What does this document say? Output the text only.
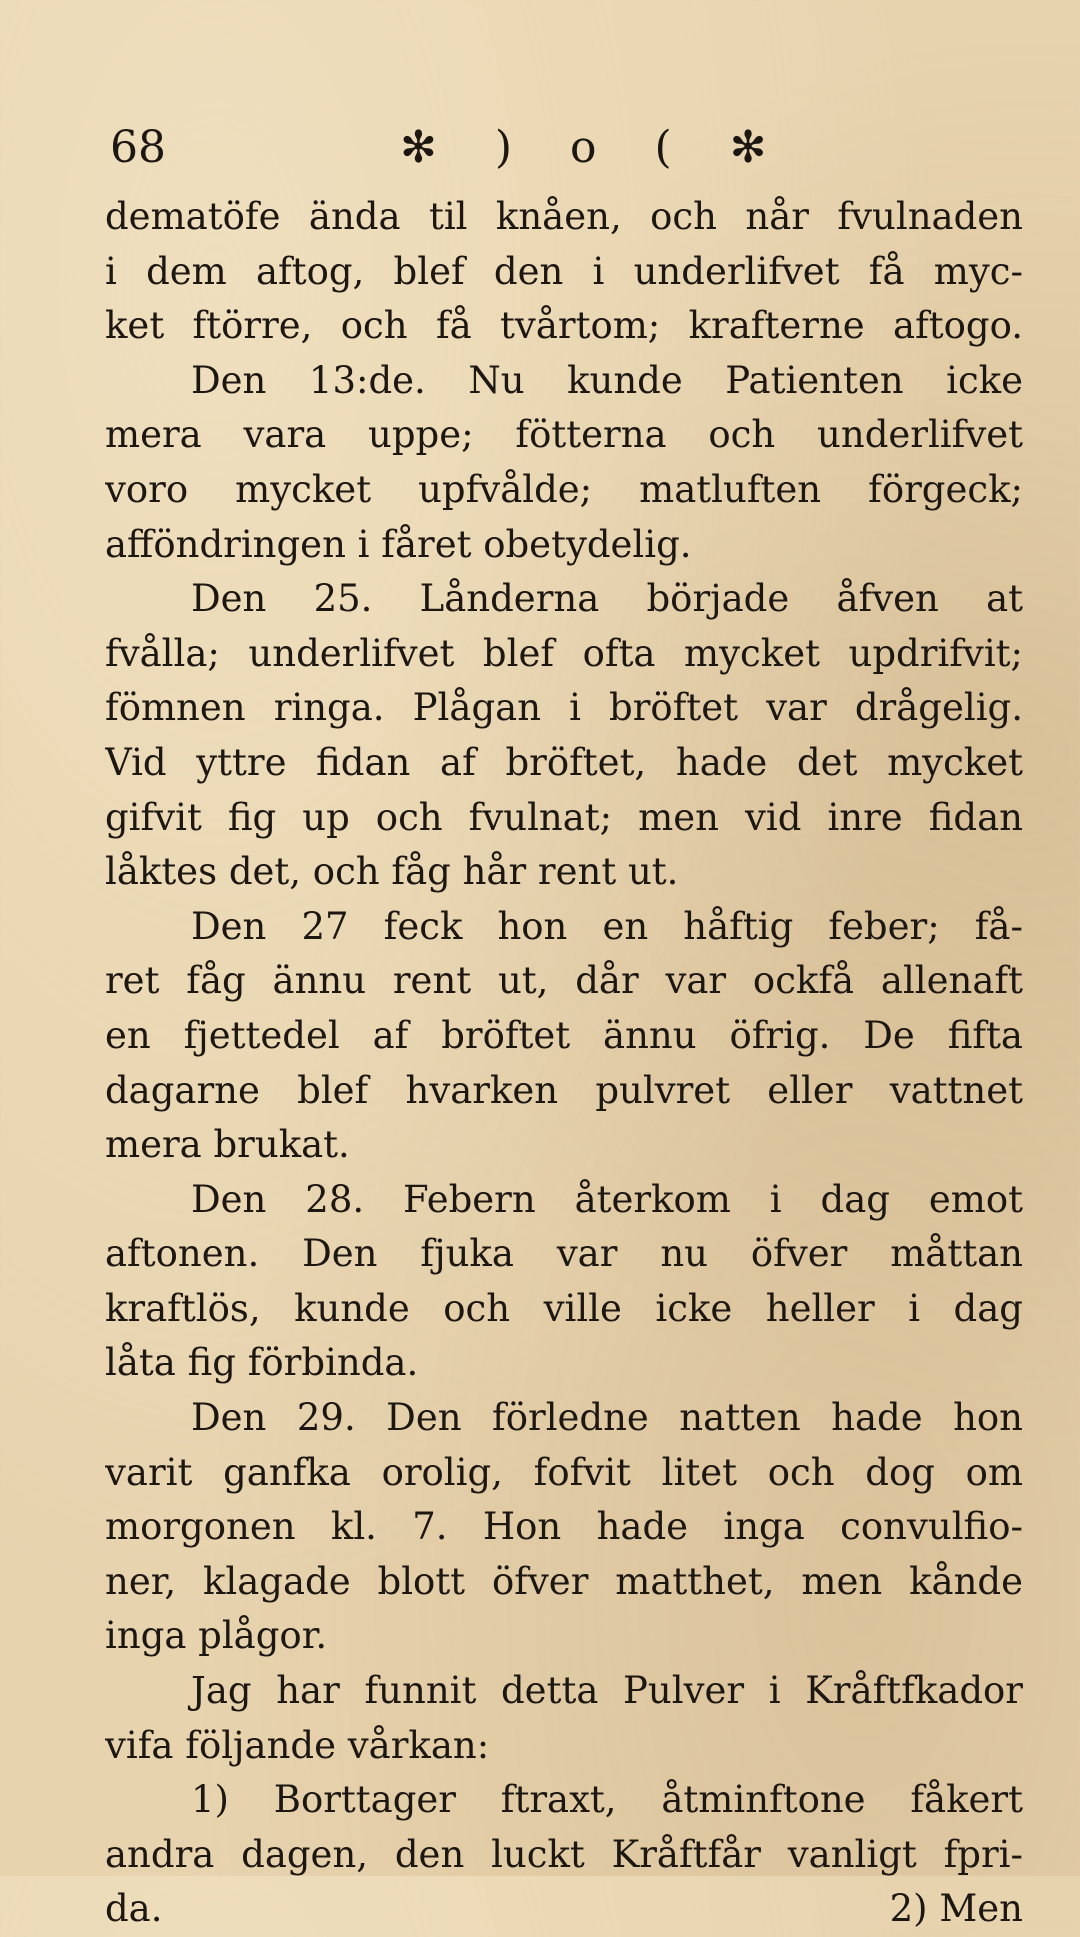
68	✻ ) o ( ✻
dematöfe ända til knåen, och når fvulnaden
i dem aftog, blef den i underlifvet få myc-
ket ftörre, och få tvårtom; krafterne aftogo.
Den 13:de. Nu kunde Patienten icke
mera vara uppe; fötterna och underlifvet
voro mycket upfvålde; matluften förgeck;
afföndringen i fåret obetydelig.
Den 25. Lånderna började åfven at
fvålla; underlifvet blef ofta mycket updrifvit;
fömnen ringa. Plågan i bröftet var drågelig.
Vid yttre fidan af bröftet, hade det mycket
gifvit fig up och fvulnat; men vid inre fidan
låktes det, och fåg hår rent ut.
Den 27 feck hon en håftig feber; få-
ret fåg ännu rent ut, dår var ockfå allenaft
en fjettedel af bröftet ännu öfrig. De fifta
dagarne blef hvarken pulvret eller vattnet
mera brukat.
Den 28. Febern återkom i dag emot
aftonen. Den fjuka var nu öfver måttan
kraftlös, kunde och ville icke heller i dag
låta fig förbinda.
Den 29. Den förledne natten hade hon
varit ganfka orolig, fofvit litet och dog om
morgonen kl. 7. Hon hade inga convulfio-
ner, klagade blott öfver matthet, men kånde
inga plågor.
Jag har funnit detta Pulver i Kråftfkador
vifa följande vårkan:
1) Borttager ftraxt, åtminftone fåkert
andra dagen, den luckt Kråftfår vanligt fpri-
da.	2) Men
